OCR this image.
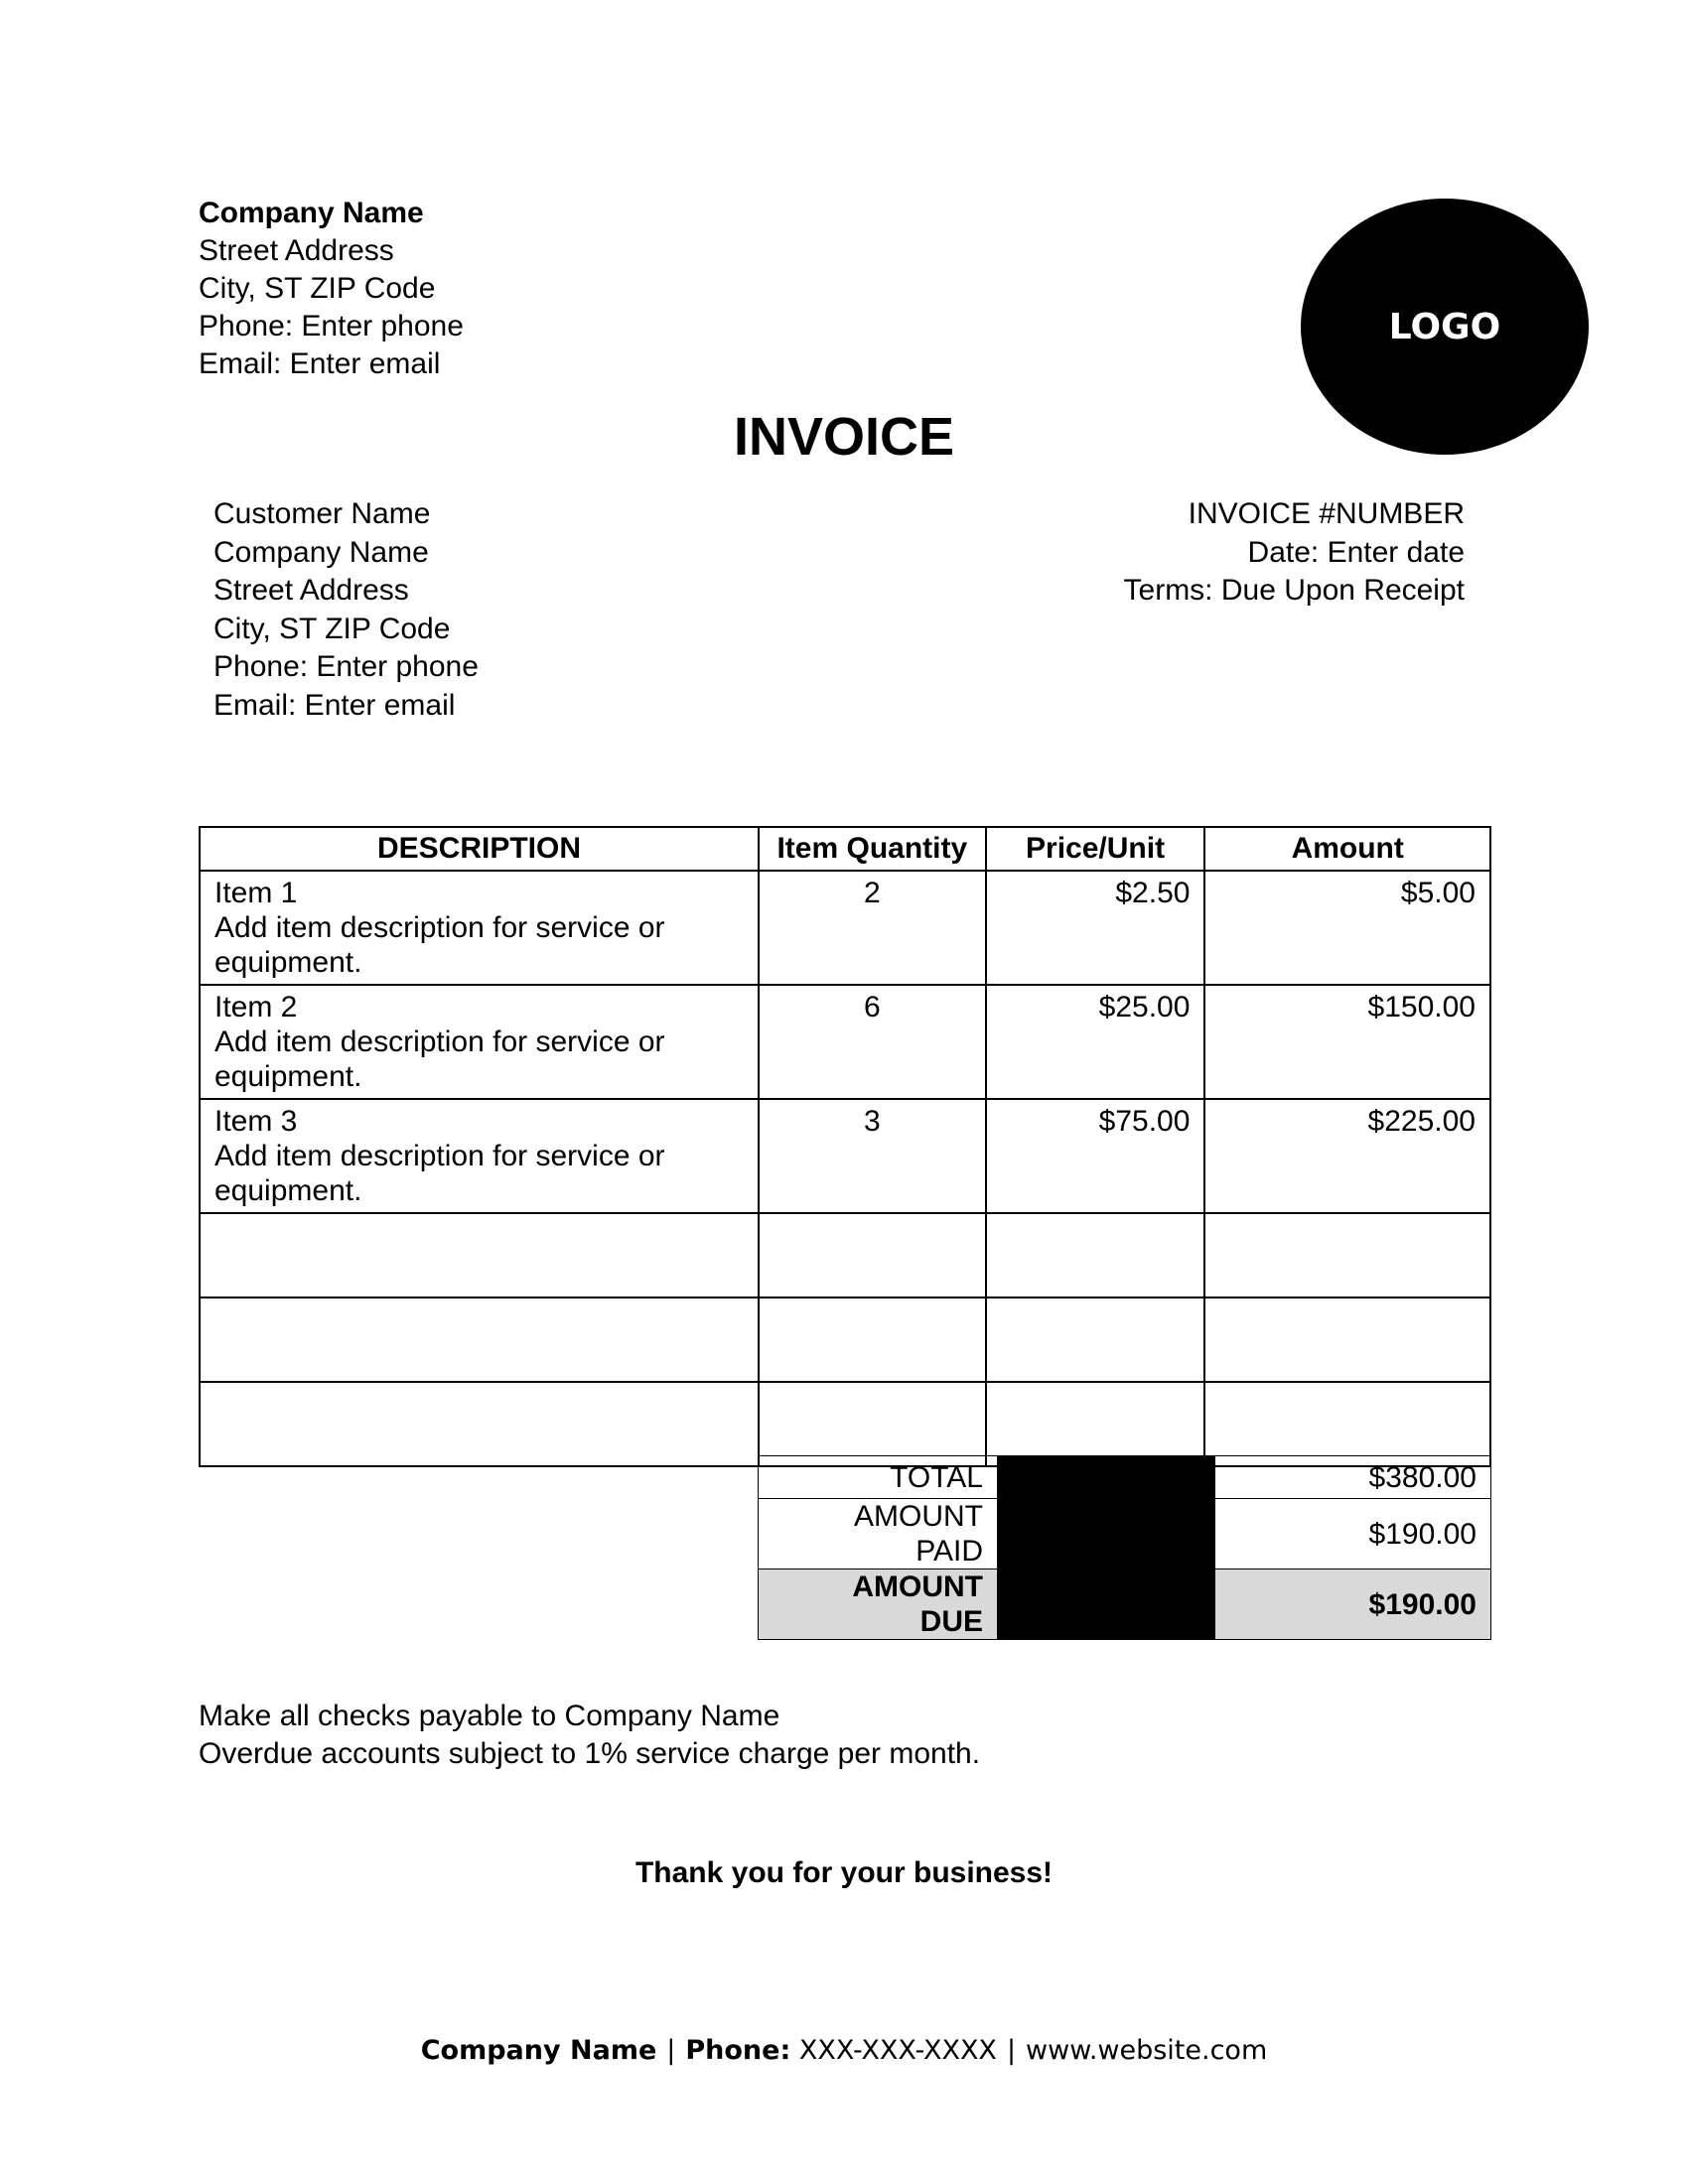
Company Name
Street Address
City, ST ZIP Code
Phone: Enter phone
Email: Enter email
LOGO
INVOICE
Customer Name
Company Name
Street Address
City, ST ZIP Code
Phone: Enter phone
Email: Enter email
INVOICE #NUMBER
Date: Enter date
Terms: Due Upon Receipt
DESCRIPTION	Item Quantity	Price/Unit	Amount

Item 1
Add item description for service or equipment.	2	$2.50	$5.00

Item 2
Add item description for service or equipment.	6	$25.00	$150.00

Item 3
Add item description for service or equipment.	3	$75.00	$225.00

TOTAL		$380.00

AMOUNT
PAID		$190.00

AMOUNT
DUE		$190.00
Make all checks payable to Company Name
Overdue accounts subject to 1% service charge per month.
Thank you for your business!
Company Name | Phone: XXX-XXX-XXXX | www.website.com
